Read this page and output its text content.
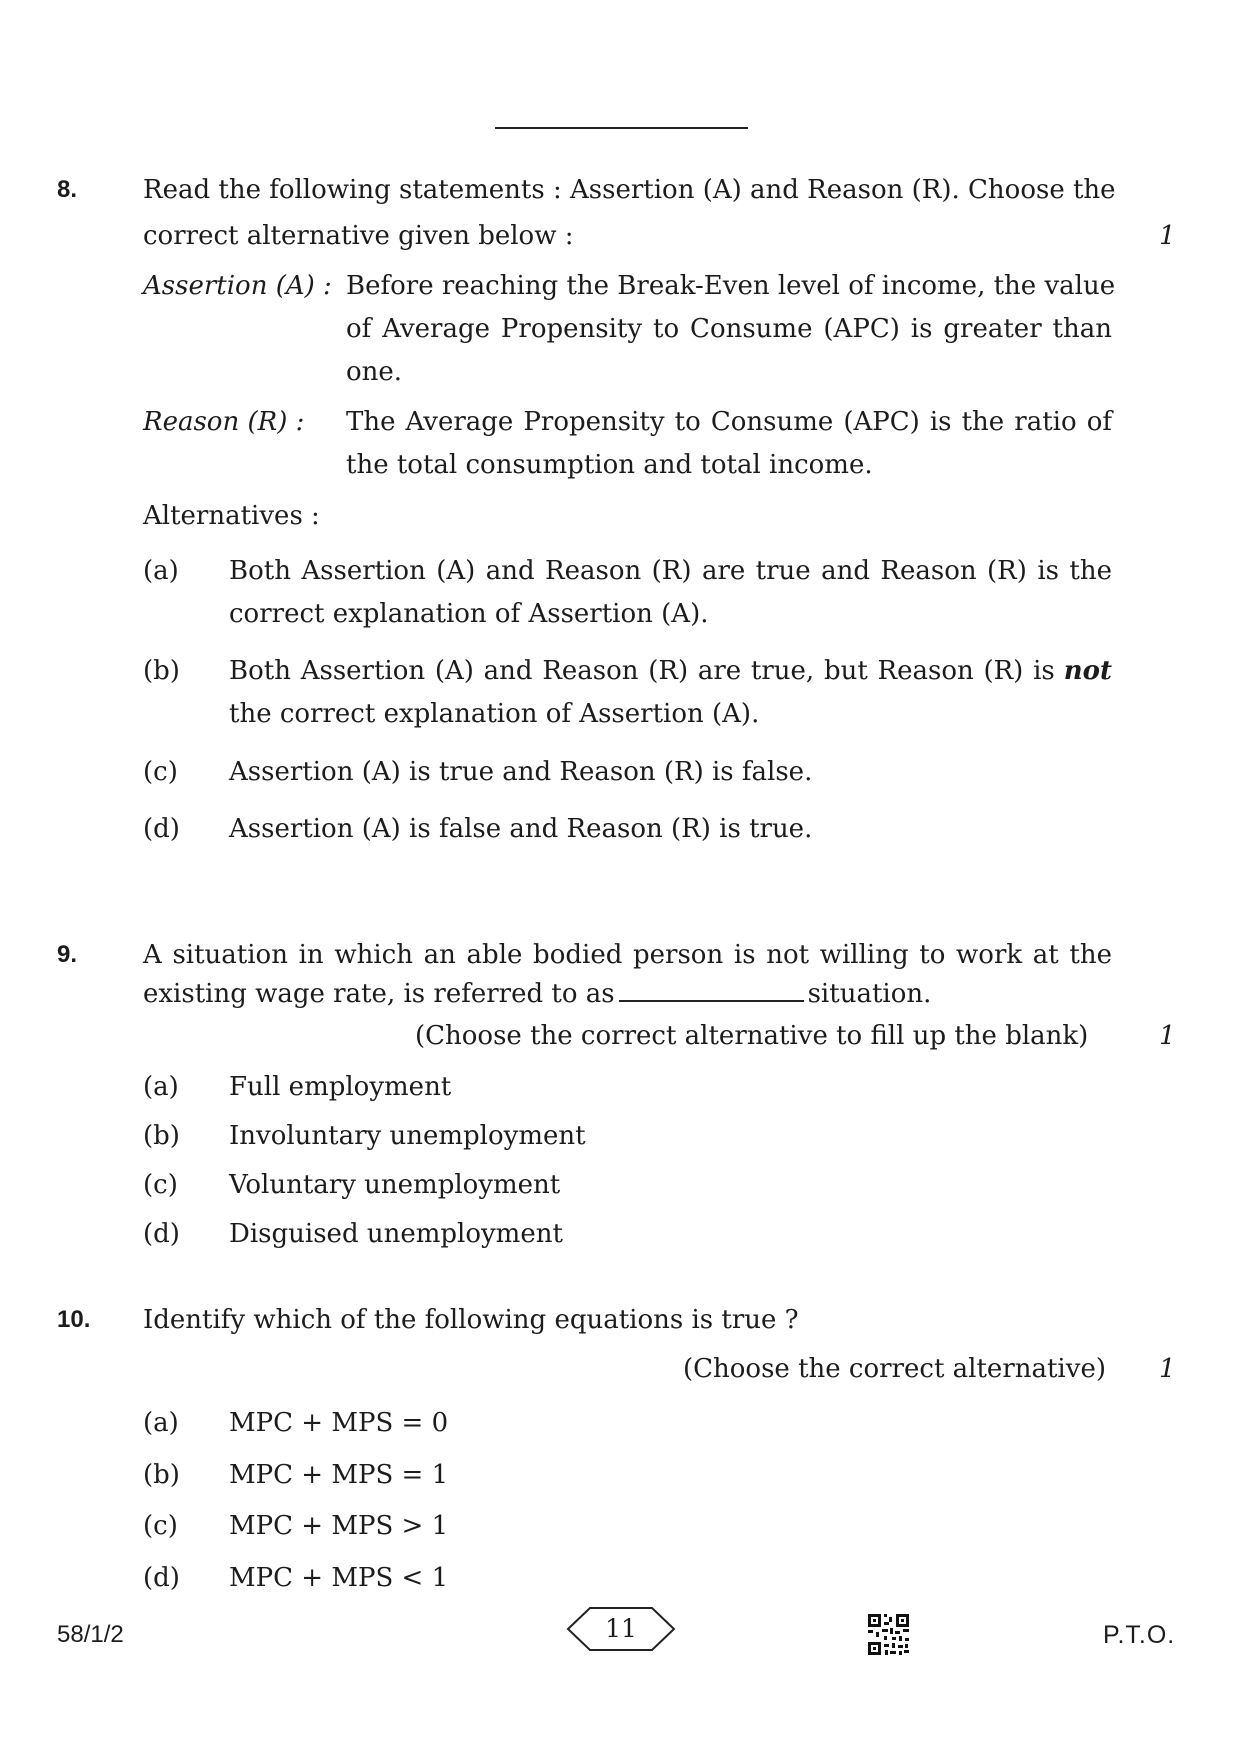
8.	Read the following statements : Assertion (A) and Reason (R). Choose the
correct alternative given below :	1
Assertion (A) : Before reaching the Break-Even level of income, the value
of Average Propensity to Consume (APC) is greater than
one.
Reason (R) : The Average Propensity to Consume (APC) is the ratio of
the total consumption and total income.
Alternatives :
(a) Both Assertion (A) and Reason (R) are true and Reason (R) is the
correct explanation of Assertion (A).
(b) Both Assertion (A) and Reason (R) are true, but Reason (R) is not
the correct explanation of Assertion (A).
(c) Assertion (A) is true and Reason (R) is false.
(d) Assertion (A) is false and Reason (R) is true.
9.	A situation in which an able bodied person is not willing to work at the
existing wage rate, is referred to as	situation.
(Choose the correct alternative to fill up the blank)	1
(a) Full employment
(b) Involuntary unemployment
(c) Voluntary unemployment
(d) Disguised unemployment
10. Identify which of the following equations is true ?
(Choose the correct alternative) 1
(a) MPC + MPS = 0
(b) MPC + MPS = 1
(c) MPC + MPS > 1
(d) MPC + MPS < 1
58/1/2	11	P.T.O.
